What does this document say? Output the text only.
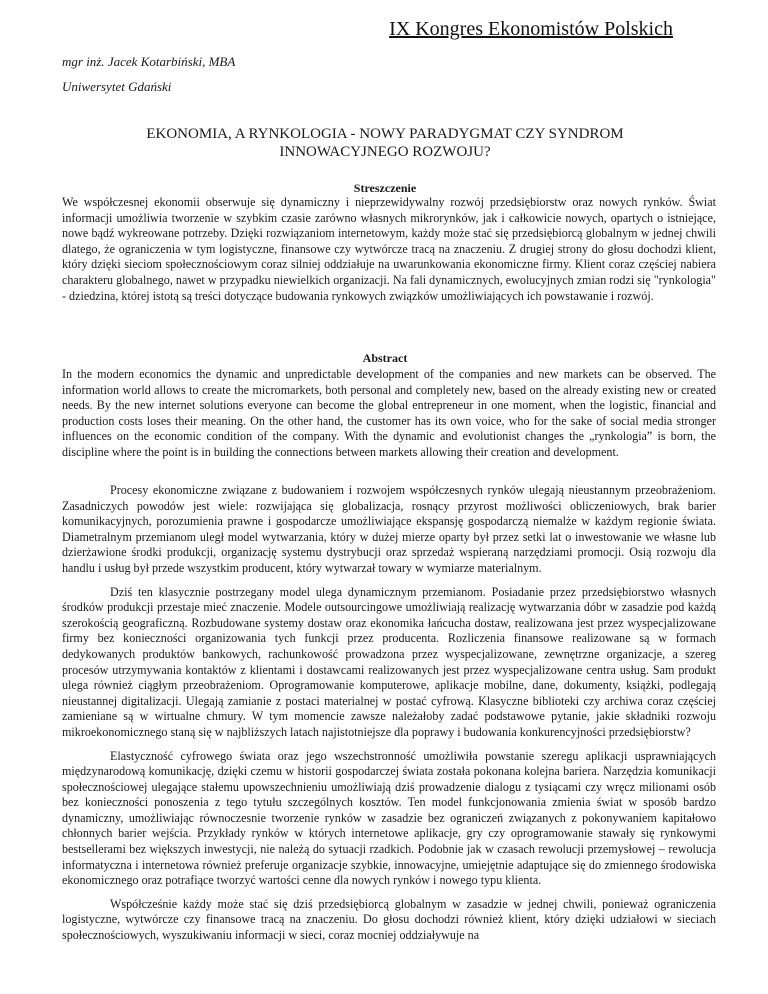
IX Kongres Ekonomistów Polskich
mgr inż. Jacek Kotarbiński, MBA
Uniwersytet Gdański
EKONOMIA, A RYNKOLOGIA - NOWY PARADYGMAT CZY SYNDROM
INNOWACYJNEGO ROZWOJU?
Streszczenie
We współczesnej ekonomii obserwuje się dynamiczny i nieprzewidywalny rozwój przedsiębiorstw oraz nowych rynków. Świat informacji umożliwia tworzenie w szybkim czasie zarówno własnych mikrorynków, jak i całkowicie nowych, opartych o istniejące, nowe bądź wykreowane potrzeby. Dzięki rozwiązaniom internetowym, każdy może stać się przedsiębiorcą globalnym w jednej chwili dlatego, że ograniczenia w tym logistyczne, finansowe czy wytwórcze tracą na znaczeniu. Z drugiej strony do głosu dochodzi klient, który dzięki sieciom społecznościowym coraz silniej oddziałuje na uwarunkowania ekonomiczne firmy. Klient coraz częściej nabiera charakteru globalnego, nawet w przypadku niewielkich organizacji. Na fali dynamicznych, ewolucyjnych zmian rodzi się "rynkologia" - dziedzina, której istotą są treści dotyczące budowania rynkowych związków umożliwiających ich powstawanie i rozwój.
Abstract
In the modern economics the dynamic and unpredictable development of the companies and new markets can be observed. The information world allows to create the micromarkets, both personal and completely new, based on the already existing new or created needs. By the new internet solutions everyone can become the global entrepreneur in one moment, when the logistic, financial and production costs loses their meaning. On the other hand, the customer has its own voice, who for the sake of social media stronger influences on the economic condition of the company. With the dynamic and evolutionist changes the „rynkologia” is born, the discipline where the point is in building the connections between markets allowing their creation and development.

Procesy ekonomiczne związane z budowaniem i rozwojem współczesnych rynków ulegają nieustannym przeobrażeniom. Zasadniczych powodów jest wiele: rozwijająca się globalizacja, rosnący przyrost możliwości obliczeniowych, brak barier komunikacyjnych, porozumienia prawne i gospodarcze umożliwiające ekspansję gospodarczą niemalże w każdym regionie świata. Diametralnym przemianom uległ model wytwarzania, który w dużej mierze oparty był przez setki lat o inwestowanie we własne lub dzierżawione środki produkcji, organizację systemu dystrybucji oraz sprzedaż wspieraną narzędziami promocji. Osią rozwoju dla handlu i usług był przede wszystkim producent, który wytwarzał towary w wymiarze materialnym.

Dziś ten klasycznie postrzegany model ulega dynamicznym przemianom. Posiadanie przez przedsiębiorstwo własnych środków produkcji przestaje mieć znaczenie. Modele outsourcingowe umożliwiają realizację wytwarzania dóbr w zasadzie pod każdą szerokością geograficzną. Rozbudowane systemy dostaw oraz ekonomika łańcucha dostaw, realizowana jest przez wyspecjalizowane firmy bez konieczności organizowania tych funkcji przez producenta. Rozliczenia finansowe realizowane są w formach dedykowanych produktów bankowych, rachunkowość prowadzona przez wyspecjalizowane, zewnętrzne organizacje, a szereg procesów utrzymywania kontaktów z klientami i dostawcami realizowanych jest przez wyspecjalizowane centra usług. Sam produkt ulega również ciągłym przeobrażeniom. Oprogramowanie komputerowe, aplikacje mobilne, dane, dokumenty, książki, podlegają nieustannej digitalizacji. Ulegają zamianie z postaci materialnej w postać cyfrową. Klasyczne biblioteki czy archiwa coraz częściej zamieniane są w wirtualne chmury. W tym momencie zawsze należałoby zadać podstawowe pytanie, jakie składniki rozwoju mikroekonomicznego staną się w najbliższych latach najistotniejsze dla poprawy i budowania konkurencyjności przedsiębiorstw?

Elastyczność cyfrowego świata oraz jego wszechstronność umożliwiła powstanie szeregu aplikacji usprawniających międzynarodową komunikację, dzięki czemu w historii gospodarczej świata została pokonana kolejna bariera. Narzędzia komunikacji społecznościowej ulegające stałemu upowszechnieniu umożliwiają dziś prowadzenie dialogu z tysiącami czy wręcz milionami osób bez konieczności ponoszenia z tego tytułu szczególnych kosztów. Ten model funkcjonowania zmienia świat w sposób bardzo dynamiczny, umożliwiając równoczesnie tworzenie rynków w zasadzie bez ograniczeń związanych z pokonywaniem kapitałowo chłonnych barier wejścia. Przykłady rynków w których internetowe aplikacje, gry czy oprogramowanie stawały się rynkowymi bestsellerami bez większych inwestycji, nie należą do sytuacji rzadkich. Podobnie jak w czasach rewolucji przemysłowej – rewolucja informatyczna i internetowa również preferuje organizacje szybkie, innowacyjne, umiejętnie adaptujące się do zmiennego środowiska ekonomicznego oraz potrafiące tworzyć wartości cenne dla nowych rynków i nowego typu klienta.

Współcześnie każdy może stać się dziś przedsiębiorcą globalnym w zasadzie w jednej chwili, ponieważ ograniczenia logistyczne, wytwórcze czy finansowe tracą na znaczeniu. Do głosu dochodzi również klient, który dzięki udziałowi w sieciach społecznościowych, wyszukiwaniu informacji w sieci, coraz mocniej oddziaływuje na
